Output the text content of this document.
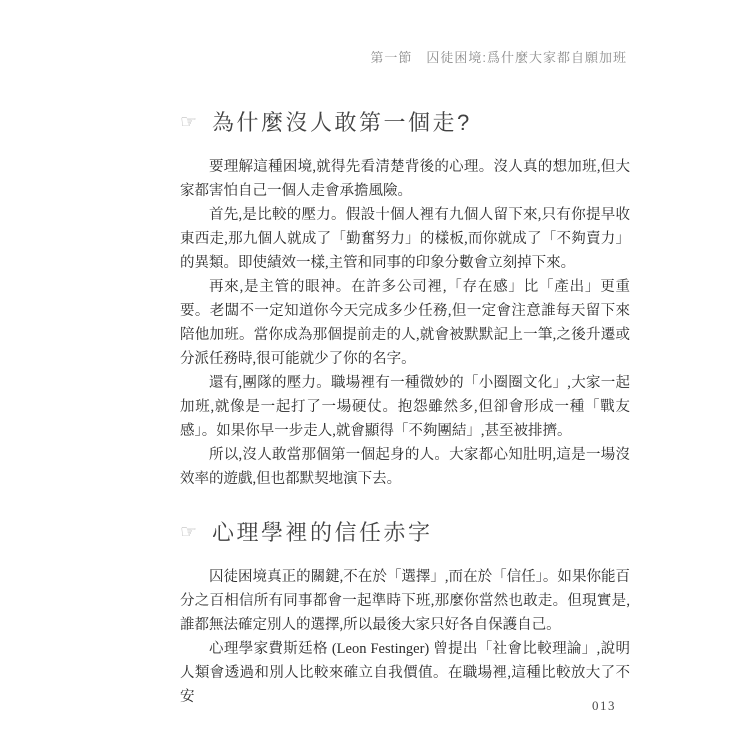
第一節 囚徒困境:爲什麼大家都自願加班
☞ 為什麼沒人敢第一個走?

要理解這種困境,就得先看清楚背後的心理。沒人真的想加班,但大家都害怕自己一個人走會承擔風險。

首先,是比較的壓力。假設十個人裡有九個人留下來,只有你提早收東西走,那九個人就成了「勤奮努力」的樣板,而你就成了「不夠賣力」的異類。即使績效一樣,主管和同事的印象分數會立刻掉下來。

再來,是主管的眼神。在許多公司裡,「存在感」比「產出」更重要。老闆不一定知道你今天完成多少任務,但一定會注意誰每天留下來陪他加班。當你成為那個提前走的人,就會被默默記上一筆,之後升遷或分派任務時,很可能就少了你的名字。

還有,團隊的壓力。職場裡有一種微妙的「小圈圈文化」,大家一起加班,就像是一起打了一場硬仗。抱怨雖然多,但卻會形成一種「戰友感」。如果你早一步走人,就會顯得「不夠團結」,甚至被排擠。

所以,沒人敢當那個第一個起身的人。大家都心知肚明,這是一場沒效率的遊戲,但也都默契地演下去。

☞ 心理學裡的信任赤字

囚徒困境真正的關鍵,不在於「選擇」,而在於「信任」。如果你能百分之百相信所有同事都會一起準時下班,那麼你當然也敢走。但現實是,誰都無法確定別人的選擇,所以最後大家只好各自保護自己。

心理學家費斯廷格 (Leon Festinger) 曾提出「社會比較理論」,說明人類會透過和別人比較來確立自我價值。在職場裡,這種比較放大了不安

013
